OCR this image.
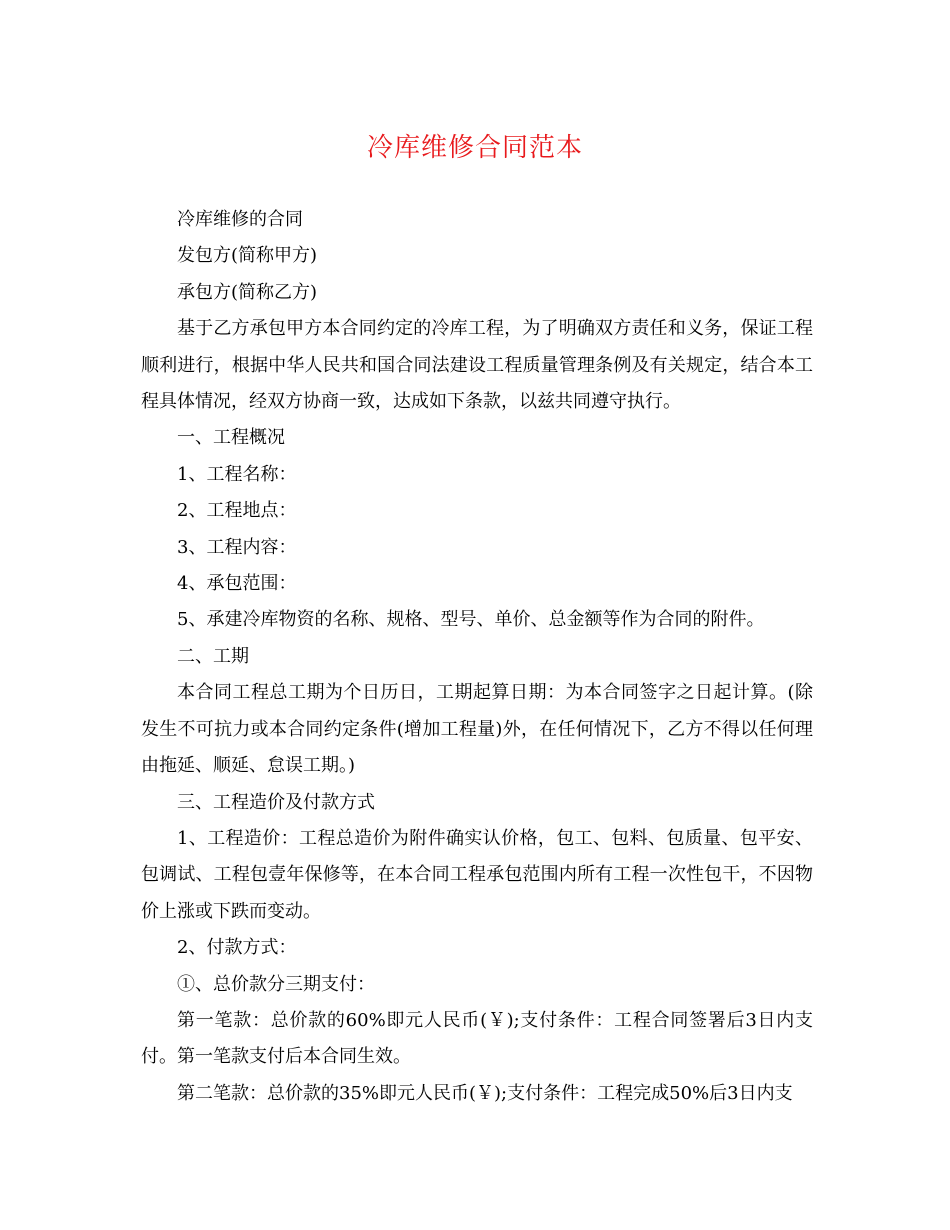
冷库维修合同范本

冷库维修的合同

发包方(简称甲方)

承包方(简称乙方)

基于乙方承包甲方本合同约定的冷库工程，为了明确双方责任和义务，保证工程顺利进行，根据中华人民共和国合同法建设工程质量管理条例及有关规定，结合本工程具体情况，经双方协商一致，达成如下条款，以兹共同遵守执行。

一、工程概况

1、工程名称：

2、工程地点：

3、工程内容：

4、承包范围：

5、承建冷库物资的名称、规格、型号、单价、总金额等作为合同的附件。

二、工期

本合同工程总工期为个日历日，工期起算日期：为本合同签字之日起计算。(除发生不可抗力或本合同约定条件(增加工程量)外，在任何情况下，乙方不得以任何理由拖延、顺延、怠误工期。)

三、工程造价及付款方式

1、工程造价：工程总造价为附件确实认价格，包工、包料、包质量、包平安、包调试、工程包壹年保修等，在本合同工程承包范围内所有工程一次性包干，不因物价上涨或下跌而变动。

2、付款方式：

①、总价款分三期支付：

第一笔款：总价款的60%即元人民币(￥);支付条件：工程合同签署后3日内支付。第一笔款支付后本合同生效。

第二笔款：总价款的35%即元人民币(￥);支付条件：工程完成50%后3日内支
